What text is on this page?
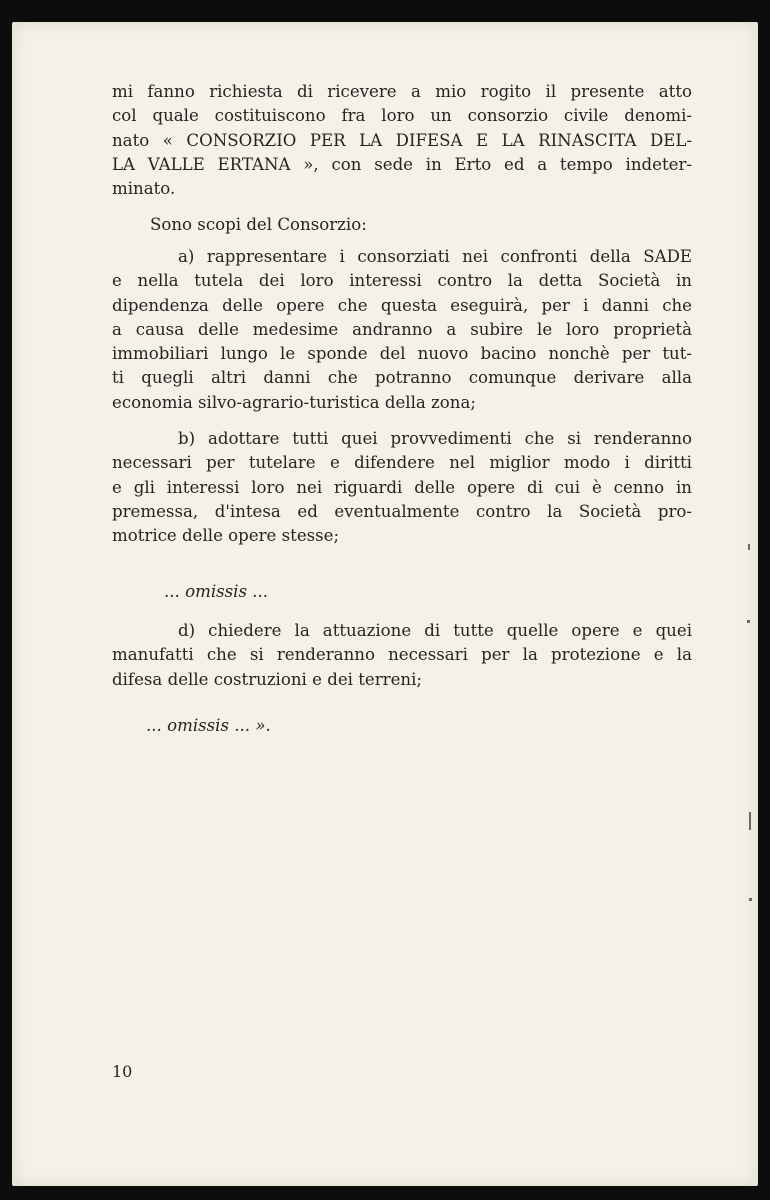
mi fanno richiesta di ricevere a mio rogito il presente atto
col quale costituiscono fra loro un consorzio civile denomi-
nato « CONSORZIO PER LA DIFESA E LA RINASCITA DEL-
LA VALLE ERTANA », con sede in Erto ed a tempo indeter-
minato.
Sono scopi del Consorzio:
a) rappresentare i consorziati nei confronti della SADE
e nella tutela dei loro interessi contro la detta Società in
dipendenza delle opere che questa eseguirà, per i danni che
a causa delle medesime andranno a subire le loro proprietà
immobiliari lungo le sponde del nuovo bacino nonchè per tut-
ti quegli altri danni che potranno comunque derivare alla
economia silvo-agrario-turistica della zona;
b) adottare tutti quei provvedimenti che si renderanno
necessari per tutelare e difendere nel miglior modo i diritti
e gli interessi loro nei riguardi delle opere di cui è cenno in
premessa, d'intesa ed eventualmente contro la Società pro-
motrice delle opere stesse;
... omissis ...
d) chiedere la attuazione di tutte quelle opere e quei
manufatti che si renderanno necessari per la protezione e la
difesa delle costruzioni e dei terreni;
... omissis ... ».
10
